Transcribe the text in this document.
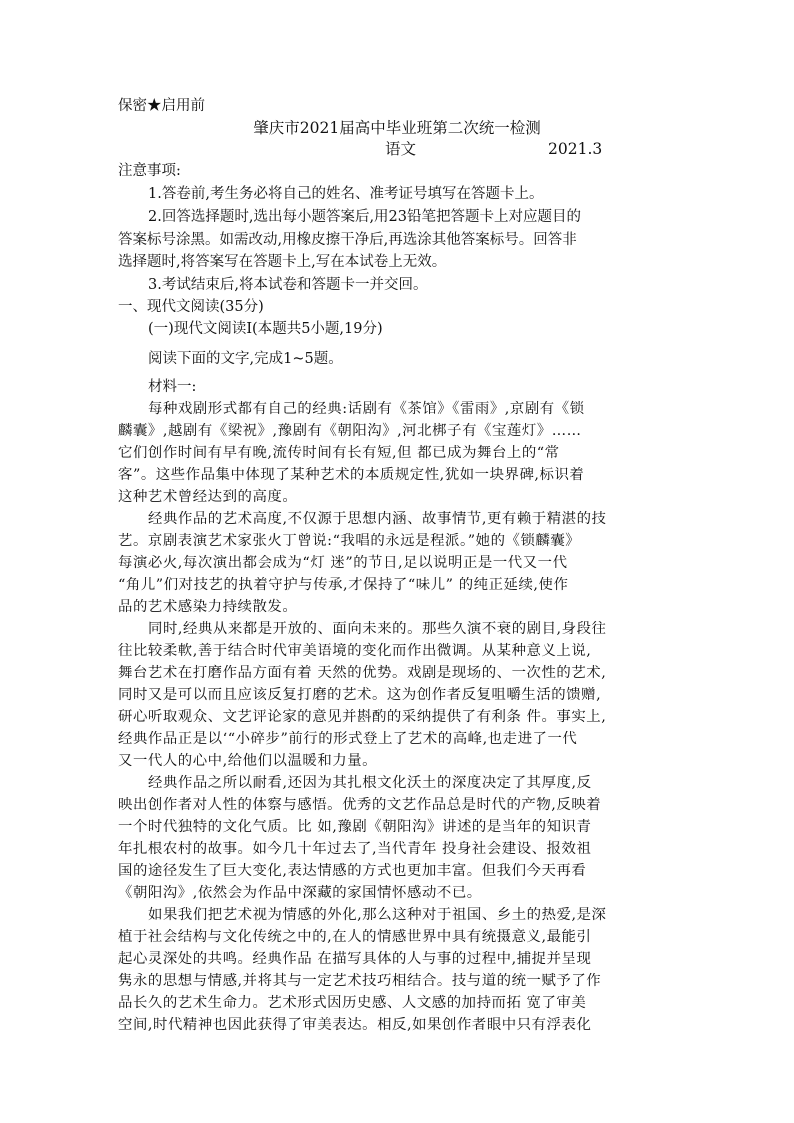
保密★启用前
肇庆市2021届高中毕业班第二次统一检测
语文	2021.3
注意事项:
1.答卷前,考生务必将自己的姓名、准考证号填写在答题卡上。
2.回答选择题时,选出每小题答案后,用23铅笔把答题卡上对应题目的
答案标号涂黑。如需改动,用橡皮擦干净后,再选涂其他答案标号。回答非
选择题时,将答案写在答题卡上,写在本试卷上无效。
3.考试结束后,将本试卷和答题卡一并交回。
一、现代文阅读(35分)
(一)现代文阅读Ⅰ(本题共5小题,19分)
阅读下面的文字,完成1~5题。
材料一:
每种戏剧形式都有自己的经典:话剧有《茶馆》《雷雨》,京剧有《锁
麟囊》,越剧有《梁祝》,豫剧有《朝阳沟》,河北梆子有《宝莲灯》……
它们创作时间有早有晚,流传时间有长有短,但 都已成为舞台上的“常
客”。这些作品集中体现了某种艺术的本质规定性,犹如一块界碑,标识着
这种艺术曾经达到的高度。
经典作品的艺术高度,不仅源于思想内涵、故事情节,更有赖于精湛的技
艺。京剧表演艺术家张火丁曾说:“我唱的永远是程派。”她的《锁麟囊》
每演必火,每次演出都会成为“灯 迷”的节日,足以说明正是一代又一代
“角儿”们对技艺的执着守护与传承,才保持了“味儿” 的纯正延续,使作
品的艺术感染力持续散发。
同时,经典从来都是开放的、面向未来的。那些久演不衰的剧目,身段往
往比较柔軟,善于结合时代审美语境的变化而作出微调。从某种意义上说,
舞台艺术在打磨作品方面有着 天然的优势。戏剧是现场的、一次性的艺术,
同时又是可以而且应该反复打磨的艺术。这为创作者反复咀嚼生活的馈赠,
研心听取观众、文艺评论家的意见并斟酌的采纳提供了有利条 件。事实上,
经典作品正是以‘“小碎步”前行的形式登上了艺术的高峰,也走进了一代
又一代人的心中,给他们以温暖和力量。
经典作品之所以耐看,还因为其扎根文化沃土的深度决定了其厚度,反
映出创作者对人性的体察与感悟。优秀的文艺作品总是时代的产物,反映着
一个时代独特的文化气质。比 如,豫剧《朝阳沟》讲述的是当年的知识青
年扎根农村的故事。如今几十年过去了,当代青年 投身社会建设、报效祖
国的途径发生了巨大变化,表达情感的方式也更加丰富。但我们今天再看
《朝阳沟》,依然会为作品中深藏的家国情怀感动不已。
如果我们把艺术视为情感的外化,那么这种对于祖国、乡土的热爱,是深
植于社会结构与文化传统之中的,在人的情感世界中具有统摄意义,最能引
起心灵深处的共鸣。经典作品 在描写具体的人与事的过程中,捕捉并呈现
隽永的思想与情感,并将其与一定艺术技巧相结合。技与道的统一赋予了作
品长久的艺术生命力。艺术形式因历史感、人文感的加持而拓 宽了审美
空间,时代精神也因此获得了审美表达。相反,如果创作者眼中只有浮表化
